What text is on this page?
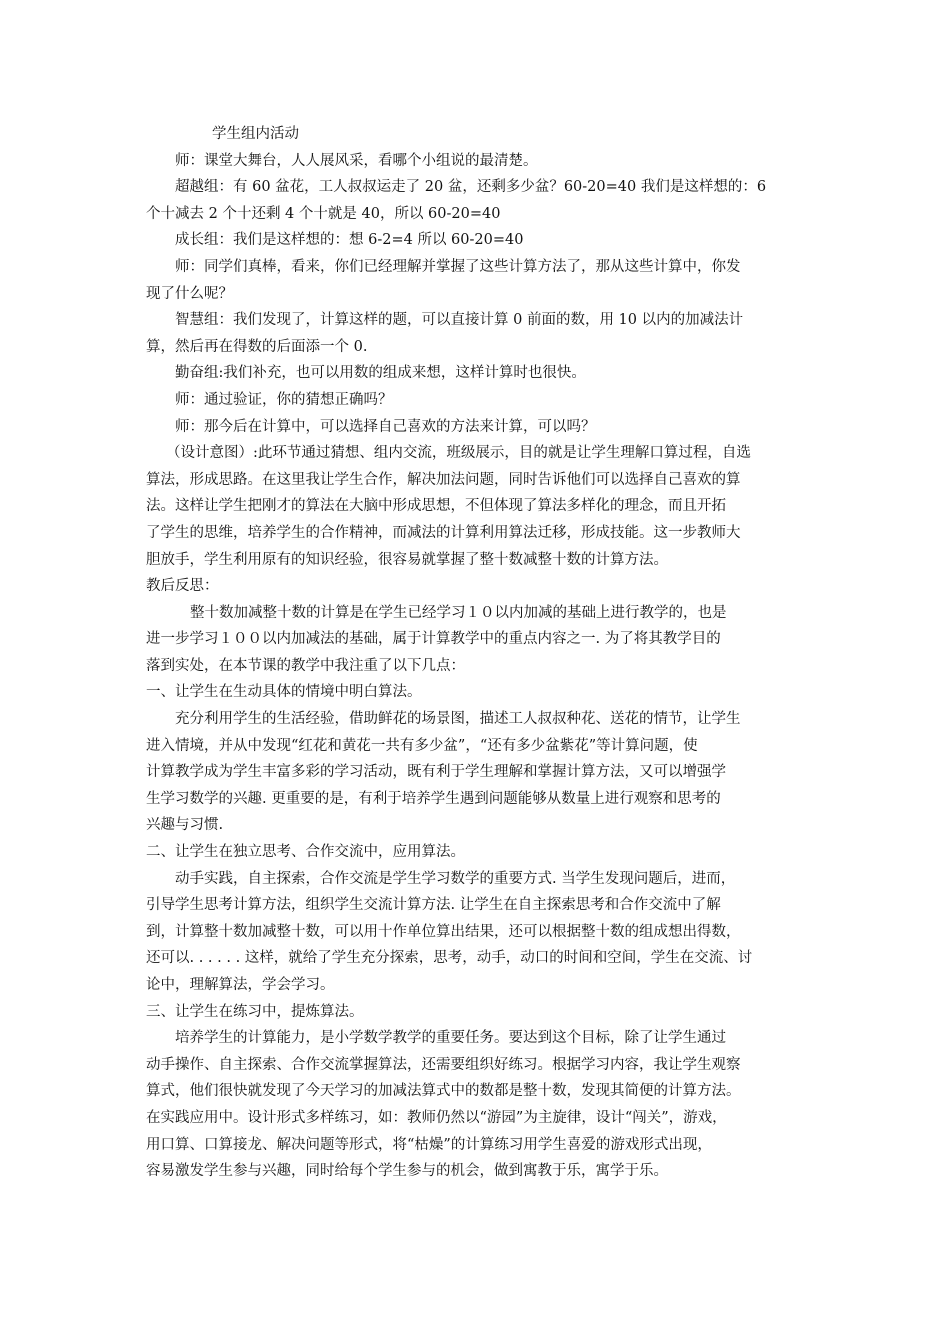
学生组内活动
师：课堂大舞台，人人展风采，看哪个小组说的最清楚。
超越组：有 60 盆花，工人叔叔运走了 20 盆，还剩多少盆？60-20=40 我们是这样想的：6
个十减去 2 个十还剩 4 个十就是 40，所以 60-20=40
成长组：我们是这样想的：想 6-2=4 所以 60-20=40
师：同学们真棒，看来，你们已经理解并掌握了这些计算方法了，那从这些计算中，你发
现了什么呢？
智慧组：我们发现了，计算这样的题，可以直接计算 0 前面的数，用 10 以内的加减法计
算，然后再在得数的后面添一个 0.
勤奋组:我们补充，也可以用数的组成来想，这样计算时也很快。
师：通过验证，你的猜想正确吗？
师：那今后在计算中，可以选择自己喜欢的方法来计算，可以吗？
（设计意图）:此环节通过猜想、组内交流，班级展示，目的就是让学生理解口算过程，自选
算法，形成思路。在这里我让学生合作，解决加法问题，同时告诉他们可以选择自己喜欢的算
法。这样让学生把刚才的算法在大脑中形成思想，不但体现了算法多样化的理念，而且开拓
了学生的思维，培养学生的合作精神，而减法的计算利用算法迁移，形成技能。这一步教师大
胆放手，学生利用原有的知识经验，很容易就掌握了整十数减整十数的计算方法。
教后反思：
整十数加减整十数的计算是在学生已经学习１０以内加减的基础上进行教学的，也是
进一步学习１００以内加减法的基础，属于计算教学中的重点内容之一. 为了将其教学目的
落到实处，在本节课的教学中我注重了以下几点：
一、让学生在生动具体的情境中明白算法。
充分利用学生的生活经验，借助鲜花的场景图，描述工人叔叔种花、送花的情节，让学生
进入情境，并从中发现“红花和黄花一共有多少盆”，“还有多少盆紫花”等计算问题，使
计算教学成为学生丰富多彩的学习活动，既有利于学生理解和掌握计算方法，又可以增强学
生学习数学的兴趣. 更重要的是，有利于培养学生遇到问题能够从数量上进行观察和思考的
兴趣与习惯.
二、让学生在独立思考、合作交流中，应用算法。
动手实践，自主探索，合作交流是学生学习数学的重要方式. 当学生发现问题后，进而，
引导学生思考计算方法，组织学生交流计算方法. 让学生在自主探索思考和合作交流中了解
到，计算整十数加减整十数，可以用十作单位算出结果，还可以根据整十数的组成想出得数，
还可以. . . . . . 这样，就给了学生充分探索，思考，动手，动口的时间和空间，学生在交流、讨
论中，理解算法，学会学习。
三、让学生在练习中，提炼算法。
培养学生的计算能力，是小学数学教学的重要任务。要达到这个目标，除了让学生通过
动手操作、自主探索、合作交流掌握算法，还需要组织好练习。根据学习内容，我让学生观察
算式，他们很快就发现了今天学习的加减法算式中的数都是整十数，发现其简便的计算方法。
在实践应用中。设计形式多样练习，如：教师仍然以“游园”为主旋律，设计“闯关”，游戏，
用口算、口算接龙、解决问题等形式，将“枯燥”的计算练习用学生喜爱的游戏形式出现，
容易激发学生参与兴趣，同时给每个学生参与的机会，做到寓教于乐，寓学于乐。
